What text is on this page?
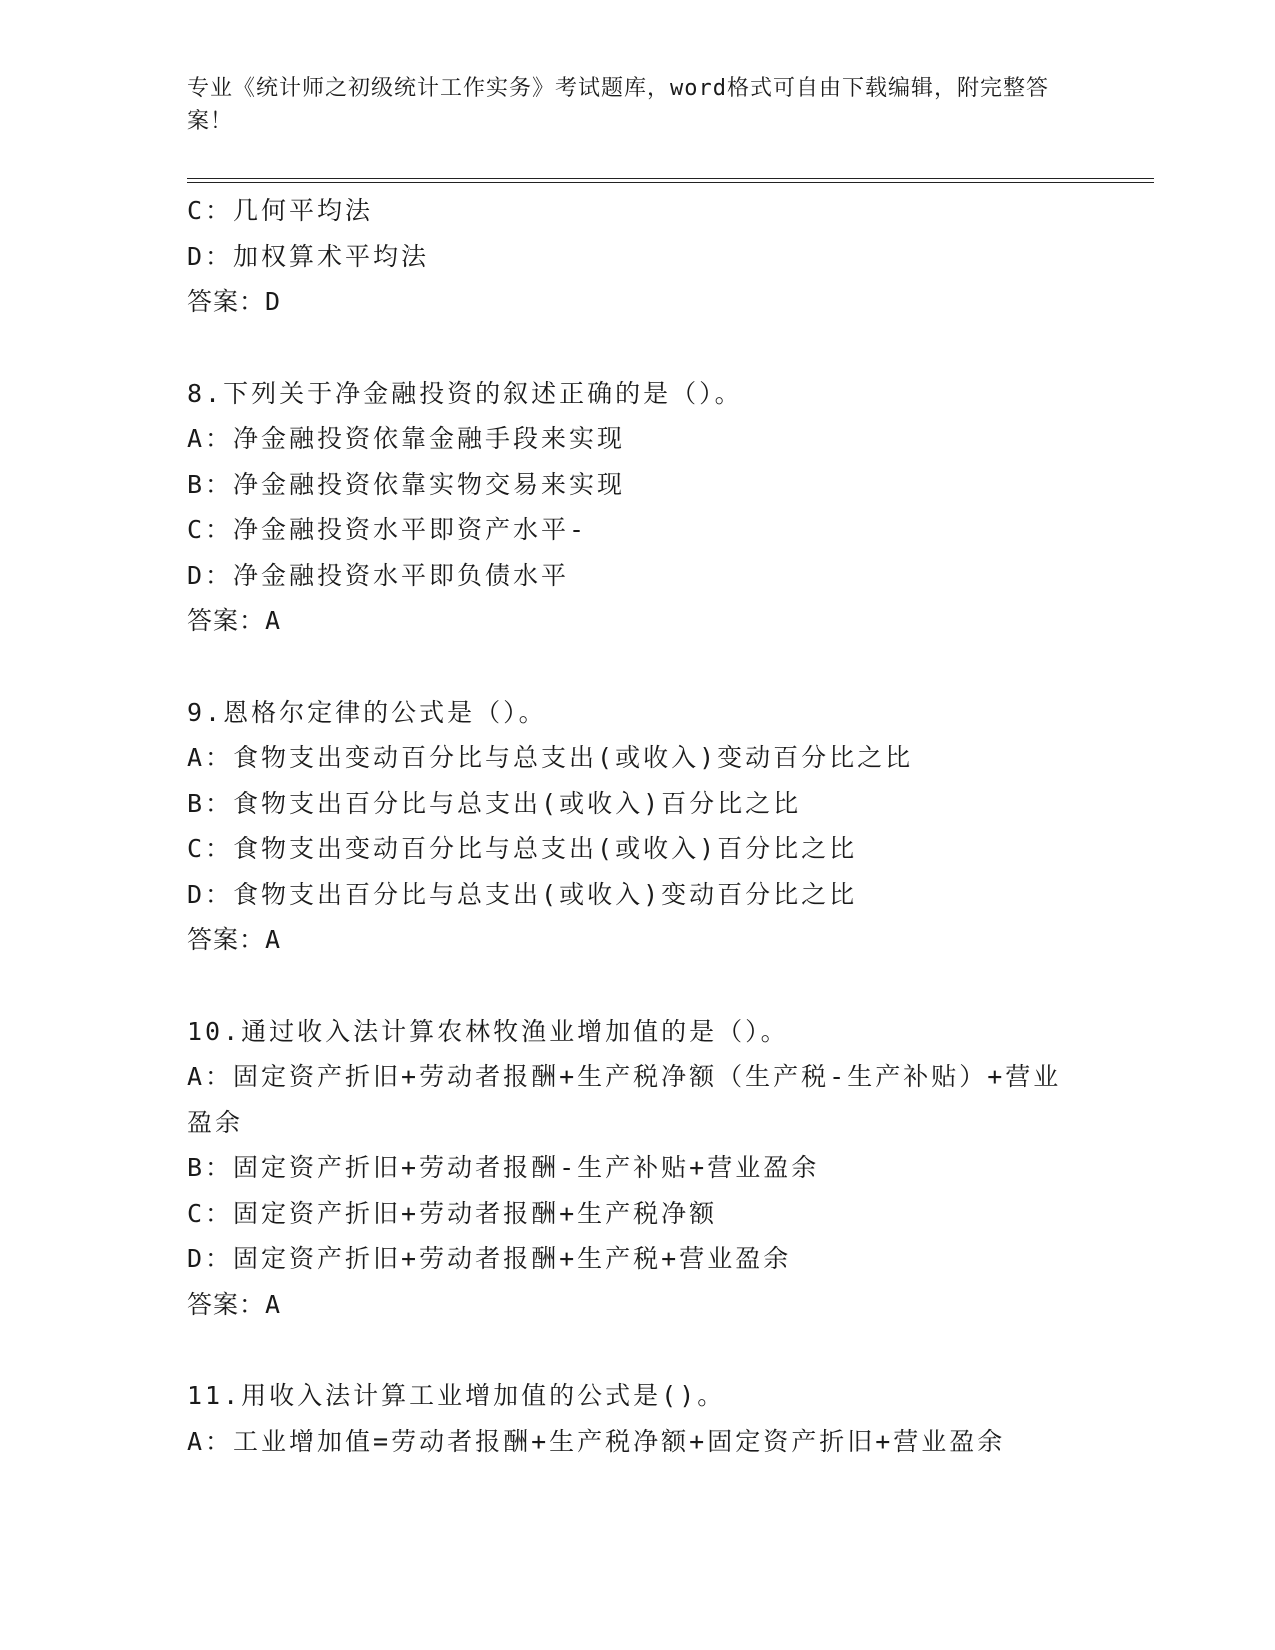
专业《统计师之初级统计工作实务》考试题库，word格式可自由下载编辑，附完整答案！
C：几何平均法
D：加权算术平均法
答案：D
8.下列关于净金融投资的叙述正确的是（）。
A：净金融投资依靠金融手段来实现
B：净金融投资依靠实物交易来实现
C：净金融投资水平即资产水平-
D：净金融投资水平即负债水平
答案：A
9.恩格尔定律的公式是（）。
A：食物支出变动百分比与总支出(或收入)变动百分比之比
B：食物支出百分比与总支出(或收入)百分比之比
C：食物支出变动百分比与总支出(或收入)百分比之比
D：食物支出百分比与总支出(或收入)变动百分比之比
答案：A
10.通过收入法计算农林牧渔业增加值的是（）。
A：固定资产折旧+劳动者报酬+生产税净额（生产税-生产补贴）+营业盈余
B：固定资产折旧+劳动者报酬-生产补贴+营业盈余
C：固定资产折旧+劳动者报酬+生产税净额
D：固定资产折旧+劳动者报酬+生产税+营业盈余
答案：A
11.用收入法计算工业增加值的公式是()。
A：工业增加值=劳动者报酬+生产税净额+固定资产折旧+营业盈余
